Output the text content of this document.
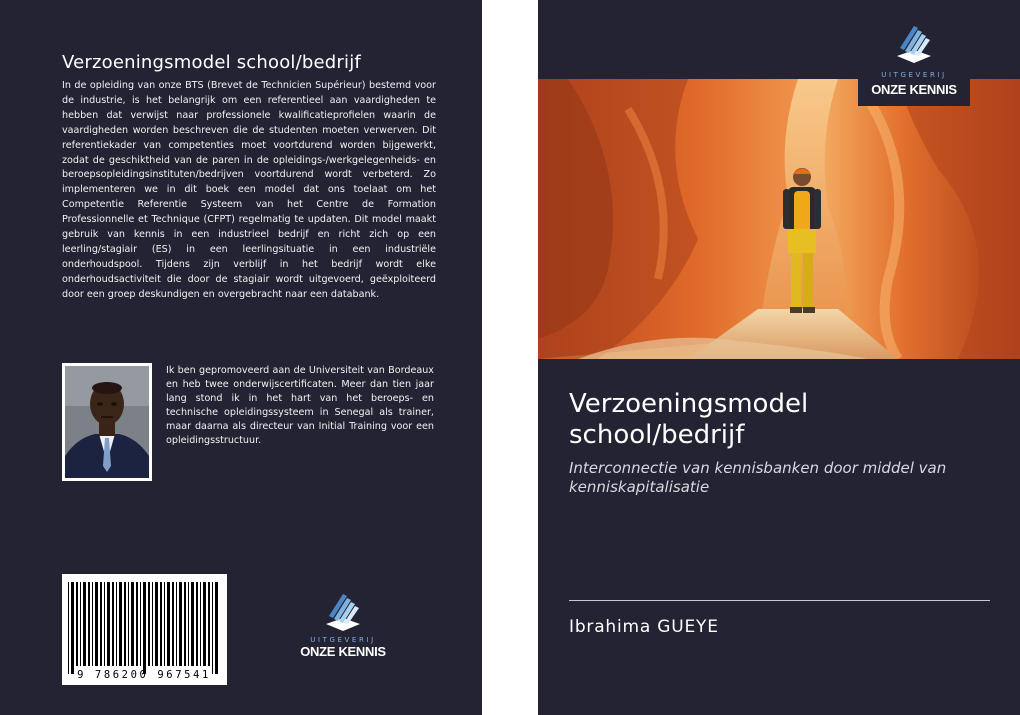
Verzoeningsmodel school/bedrijf

In de opleiding van onze BTS (Brevet de Technicien Supérieur) bestemd voor de industrie, is het belangrijk om een referentieel aan vaardigheden te hebben dat verwijst naar professionele kwalificatieprofielen waarin de vaardigheden worden beschreven die de studenten moeten verwerven. Dit referentiekader van competenties moet voortdurend worden bijgewerkt, zodat de geschiktheid van de paren in de opleidings-/werkgelegenheids- en beroepsopleidingsinstituten/bedrijven voortdurend wordt verbeterd. Zo implementeren we in dit boek een model dat ons toelaat om het Competentie Referentie Systeem van het Centre de Formation Professionnelle et Technique (CFPT) regelmatig te updaten. Dit model maakt gebruik van kennis in een industrieel bedrijf en richt zich op een leerling/stagiair (ES) in een leerlingsituatie in een industriële onderhoudspool. Tijdens zijn verblijf in het bedrijf wordt elke onderhoudsactiviteit die door de stagiair wordt uitgevoerd, geëxploiteerd door een groep deskundigen en overgebracht naar een databank.

Ik ben gepromoveerd aan de Universiteit van Bordeaux en heb twee onderwijscertificaten. Meer dan tien jaar lang stond ik in het hart van het beroeps- en technische opleidingssysteem in Senegal als trainer, maar daarna als directeur van Initial Training voor een opleidingsstructuur.

9 786200 967541
UITGEVERIJ
ONZE KENNIS
UITGEVERIJ
ONZE KENNIS
Verzoeningsmodel school/bedrijf

Interconnectie van kennisbanken door middel van kenniskapitalisatie

Ibrahima GUEYE
